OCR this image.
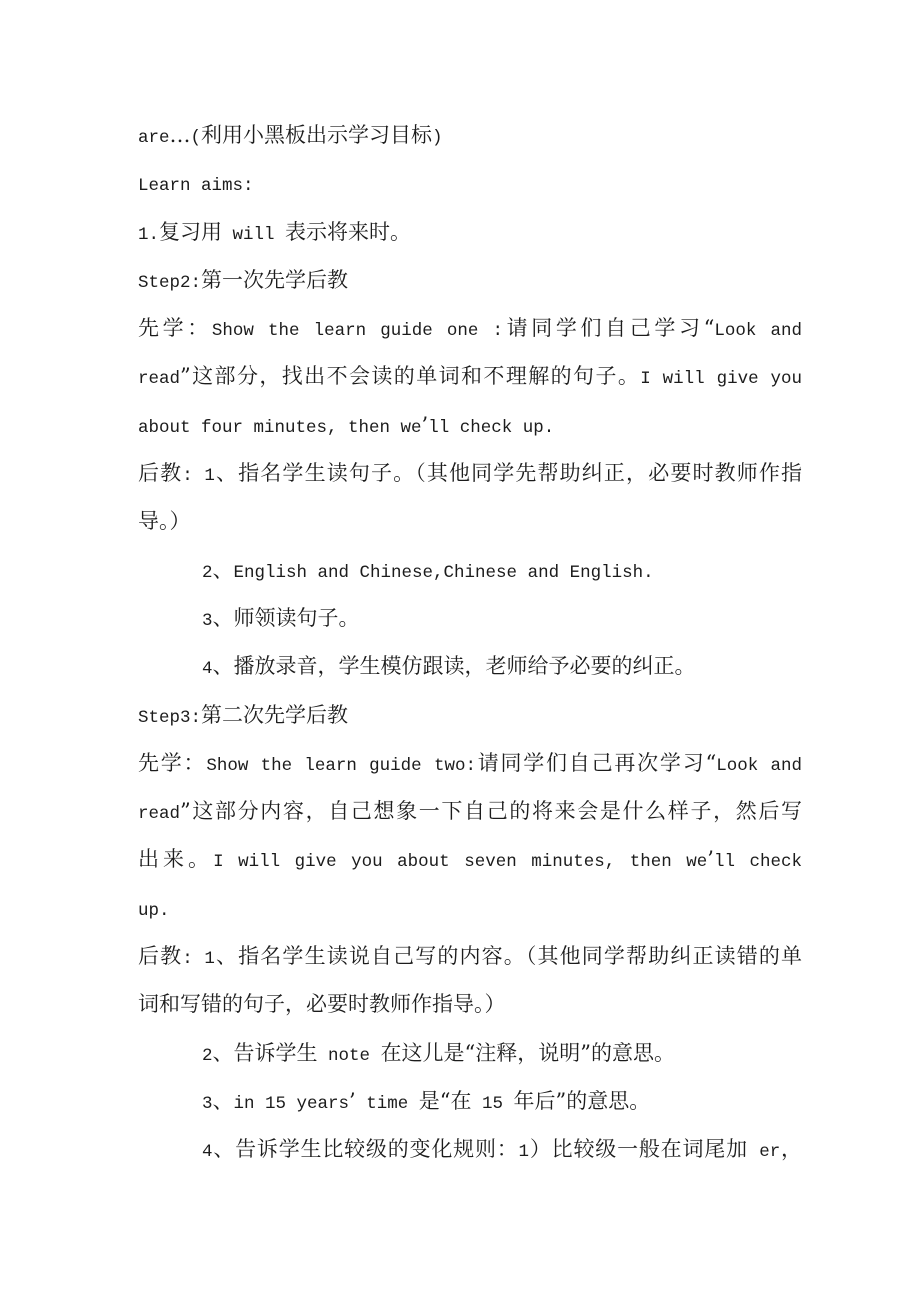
are…(利用小黑板出示学习目标)
Learn aims:
1.复习用 will 表示将来时。
Step2:第一次先学后教
先学：Show the learn guide one :请同学们自己学习“Look and
read”这部分，找出不会读的单词和不理解的句子。I will give you
about four minutes, then we’ll check up.
后教: 1、指名学生读句子。（其他同学先帮助纠正，必要时教师作指
导。）
2、English and Chinese,Chinese and English.
3、师领读句子。
4、播放录音，学生模仿跟读，老师给予必要的纠正。
Step3:第二次先学后教
先学：Show the learn guide two:请同学们自己再次学习“Look and
read”这部分内容，自己想象一下自己的将来会是什么样子，然后写
出来。I will give you about seven minutes, then we’ll check
up.
后教: 1、指名学生读说自己写的内容。（其他同学帮助纠正读错的单
词和写错的句子，必要时教师作指导。）
2、告诉学生 note 在这儿是“注释，说明”的意思。
3、in 15 years’ time 是“在 15 年后”的意思。
4、告诉学生比较级的变化规则：1）比较级一般在词尾加 er，
